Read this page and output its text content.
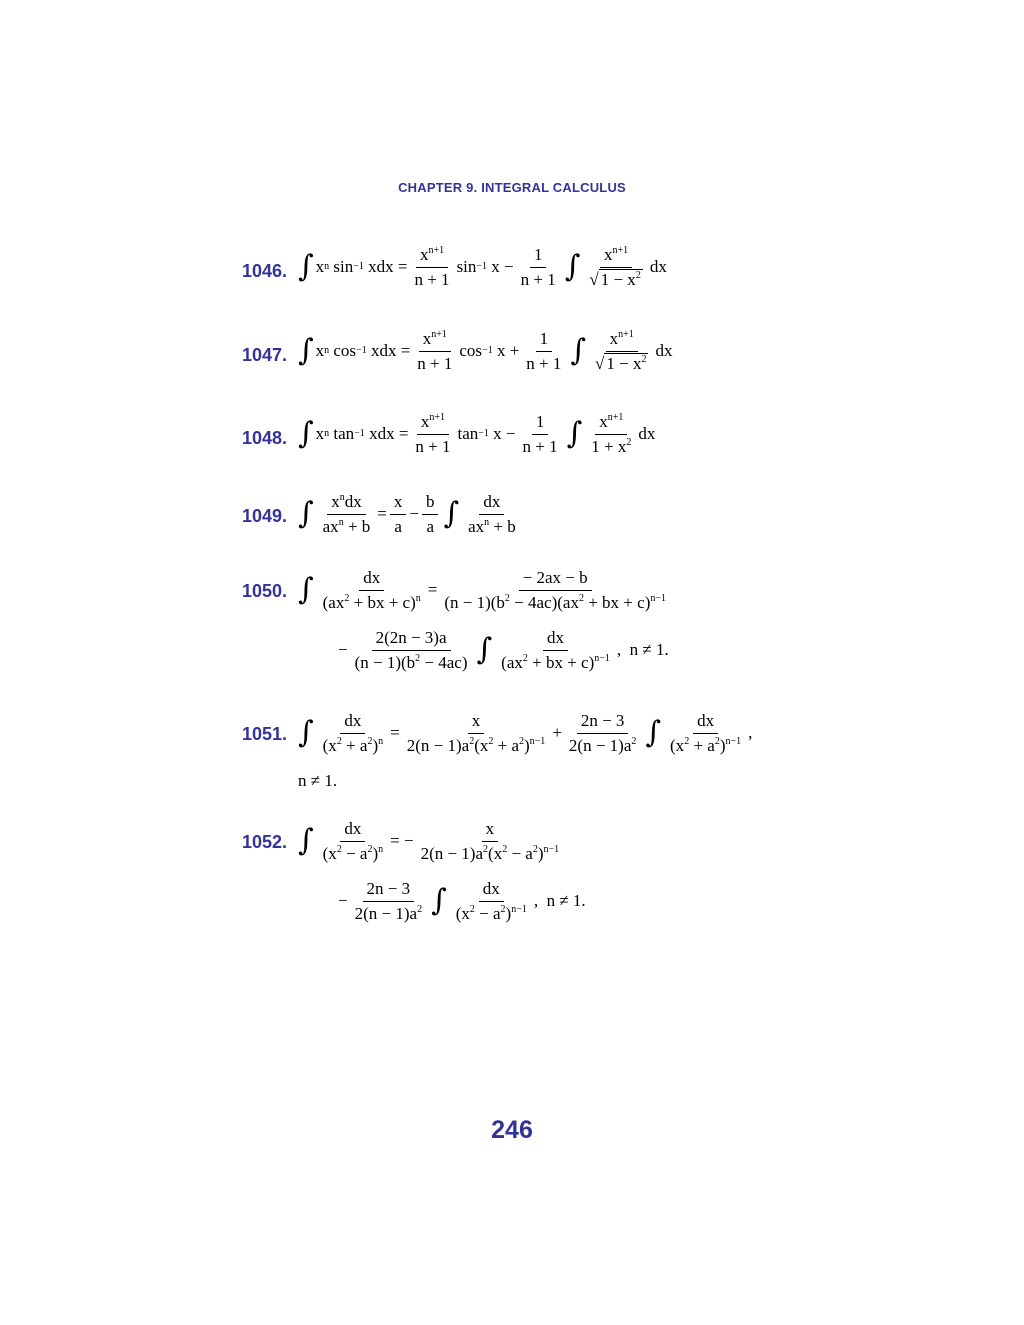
CHAPTER 9. INTEGRAL CALCULUS
1046. ∫ x n sin −1 xdx = $\frac{x^{n+1}}{n + 1}$ sin −1 $x - \frac{1}{n + 1}$ ∫ $\frac{x^{n+1}}{√ 1 - x^2}$ dx
1047. ∫ x n cos −1 xdx = $\frac{x^{n+1}}{n + 1}$ cos −1 $x + \frac{1}{n + 1}$ ∫ $\frac{x^{n+1}}{√ 1 - x^2}$ dx
1048. ∫ x n tan −1 xdx = $\frac{x^{n+1}}{n + 1}$ tan −1 $x - \frac{1}{n + 1}$ ∫ $\frac{x^{n+1}}{1 + x^2}$ dx
1049. ∫ $\frac{x^ndx}{ax^n + b} = \frac{x}{a} - \frac{b}{a}$ ∫ $\frac{dx}{ax^n + b}$
1050. ∫ $\frac{dx}{(ax^2 + bx + c)^n} = \frac{- 2ax - b}{(n - 1)(b^2 - 4ac)(ax^2 + bx + c)^{n-1}}$
− $\frac{2(2n - 3)a}{(n - 1)(b^2 - 4ac)}$ ∫ $\frac{dx}{(ax^2 + bx + c)^{n-1}}$ ,  n ≠ 1.
1051. ∫ $\frac{dx}{(x^2 + a^2)^n} = \frac{x}{2(n - 1)a^2(x^2 + a^2)^{n-1}} + \frac{2n - 3}{2(n - 1)a^2}$ ∫ $\frac{dx}{(x^2 + a^2)^{n-1}}$ ,
n ≠ 1.
1052. ∫ $\frac{dx}{(x^2 - a^2)^n}$ = − $\frac{x}{2(n - 1)a^2(x^2 - a^2)^{n-1}}$
− $\frac{2n - 3}{2(n - 1)a^2}$ ∫ $\frac{dx}{(x^2 - a^2)^{n-1}}$ ,  n ≠ 1.
246
